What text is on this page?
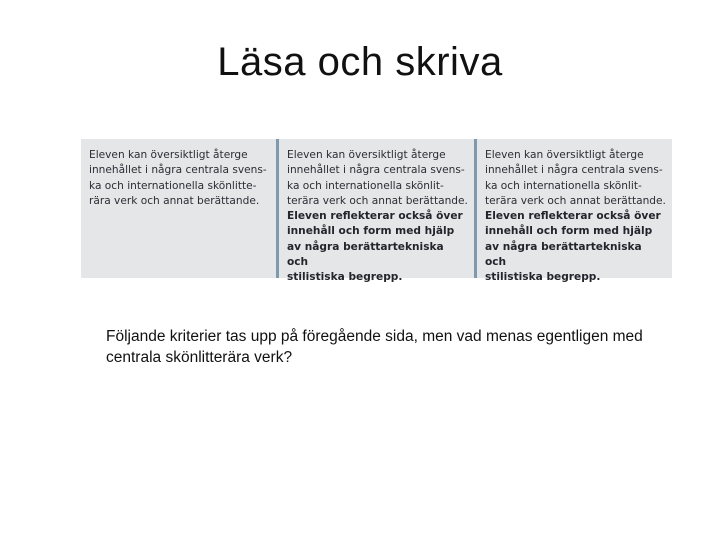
Läsa och skriva
Eleven kan översiktligt återge
innehållet i några centrala svens-
ka och internationella skönlitte-
rära verk och annat berättande.
Eleven kan översiktligt återge
innehållet i några centrala svens-
ka och internationella skönlit-
terära verk och annat berättande.
Eleven reflekterar också över
innehåll och form med hjälp
av några berättartekniska och
stilistiska begrepp.
Eleven kan översiktligt återge
innehållet i några centrala svens-
ka och internationella skönlit-
terära verk och annat berättande.
Eleven reflekterar också över
innehåll och form med hjälp
av några berättartekniska och
stilistiska begrepp.
Följande kriterier tas upp på föregående sida, men vad menas egentligen med centrala skönlitterära verk?
